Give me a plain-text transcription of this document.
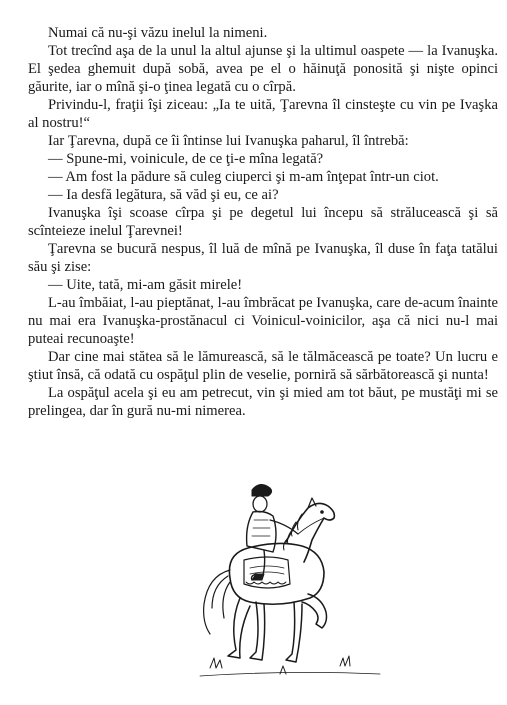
Numai că nu-şi văzu inelul la nimeni.

Tot trecînd aşa de la unul la altul ajunse şi la ultimul oaspete — la Ivanuşka. El şedea ghemuit după sobă, avea pe el o hăinuţă ponosită şi nişte opinci găurite, iar o mînă şi-o ţinea legată cu o cîrpă.

Privindu-l, fraţii îşi ziceau: „Ia te uită, Ţarevna îl cinsteşte cu vin pe Ivaşka al nostru!“

Iar Ţarevna, după ce îi întinse lui Ivanuşka paharul, îl întrebă:

— Spune-mi, voinicule, de ce ţi-e mîna legată?

— Am fost la pădure să culeg ciuperci şi m-am înţepat într-un ciot.

— Ia desfă legătura, să văd şi eu, ce ai?

Ivanuşka îşi scoase cîrpa şi pe degetul lui începu să strălucească şi să scînteieze inelul Ţarevnei!

Ţarevna se bucură nespus, îl luă de mînă pe Ivanuşka, îl duse în faţa tatălui său şi zise:

— Uite, tată, mi-am găsit mirele!

L-au îmbăiat, l-au pieptănat, l-au îmbrăcat pe Ivanuşka, care de-acum înainte nu mai era Ivanuşka-prostănacul ci Voinicul-voinicilor, aşa că nici nu-l mai puteai recunoaşte!

Dar cine mai stătea să le lămurească, să le tălmăcească pe toate? Un lucru e ştiut însă, că odată cu ospăţul plin de veselie, porniră să sărbătorească şi nunta!

La ospăţul acela şi eu am petrecut, vin şi mied am tot băut, pe mustăţi mi se prelingea, dar în gură nu-mi nimerea.
